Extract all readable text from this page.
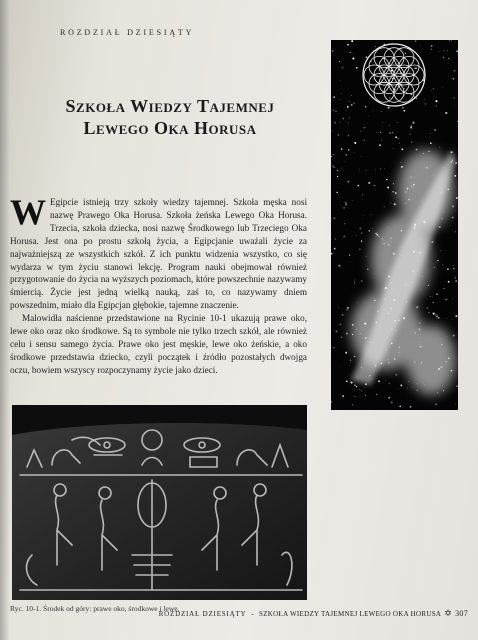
ROZDZIAŁ DZIESIĄTY
Szkoła Wiedzy Tajemnej
Lewego Oka Horusa

W Egipcie istnieją trzy szkoły wiedzy tajemnej. Szkoła męska nosi nazwę Prawego Oka Horusa. Szkoła żeńska Lewego Oka Horusa. Trzecia, szkoła dziecka, nosi nazwę Środkowego lub Trzeciego Oka Horusa. Jest ona po prostu szkołą życia, a Egipcjanie uważali życie za najważniejszą ze wszystkich szkół. Z ich punktu widzenia wszystko, co się wydarza w tym życiu stanowi lekcję. Program nauki obejmował również przygotowanie do życia na wyższych poziomach, które powszechnie nazywamy śmiercią. Życie jest jedną wielką nauką, zaś to, co nazywamy dniem powszednim, miało dla Egipcjan głębokie, tajemne znaczenie.

Malowidła naścienne przedstawione na Rycinie 10-1 ukazują prawe oko, lewe oko oraz oko środkowe. Są to symbole nie tylko trzech szkół, ale również celu i sensu samego życia. Prawe oko jest męskie, lewe oko żeńskie, a oko środkowe przedstawia dziecko, czyli początek i źródło pozostałych dwojga oczu, bowiem wszyscy rozpoczynamy życie jako dzieci.

Ryc. 10-1. Środek od góry: prawe oko, środkowe i lewe.
ROZDZIAŁ DZIESIĄTY - SZKOŁA WIEDZY TAJEMNEJ LEWEGO OKA HORUSA ✡ 307
